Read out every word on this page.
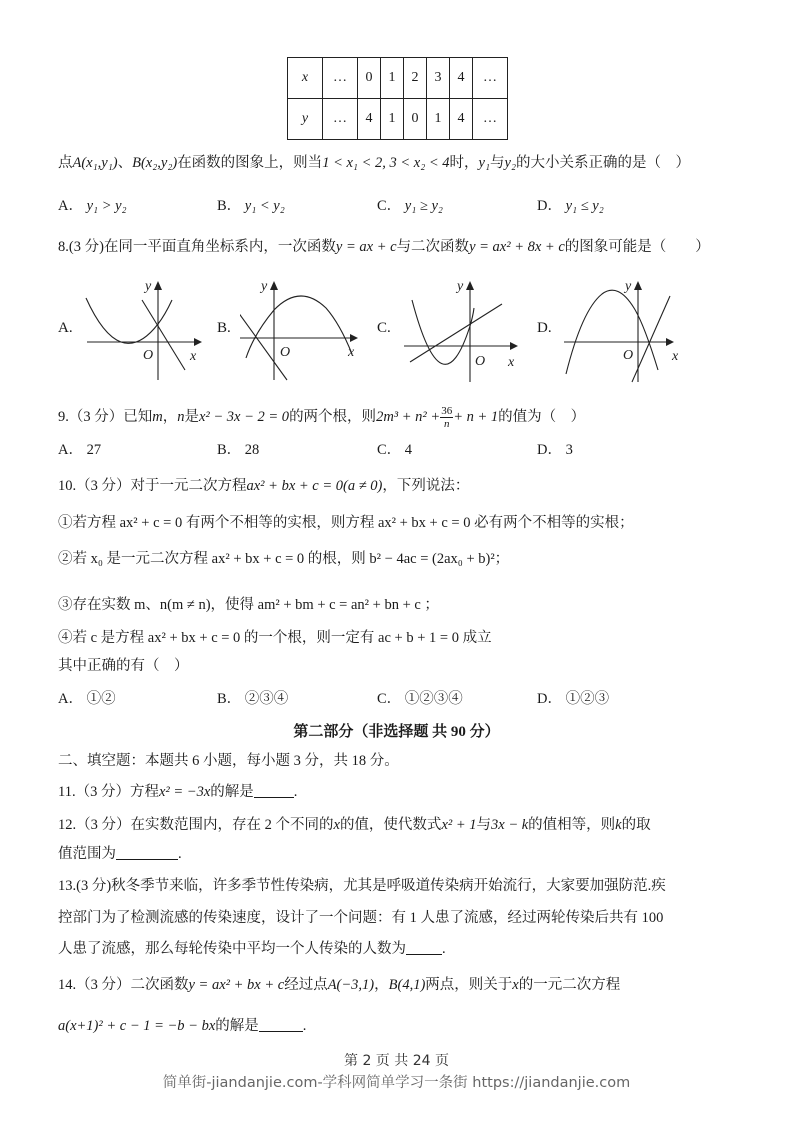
x	…	0	1	2	3	4	…
y	…	4	1	0	1	4	…
点A(x₁,y₁)、B(x₂,y₂)在函数的图象上，则当1 < x₁ < 2, 3 < x₂ < 4时，y₁与y₂的大小关系正确的是（　）
A． y₁ > y₂	B． y₁ < y₂	C． y₁ ≥ y₂	D． y₁ ≤ y₂
8.(3 分)在同一平面直角坐标系内，一次函数y = ax + c与二次函数y = ax² + 8x + c的图象可能是（　　）
A.
y
O	x
B.
y
O	x
C.
y
O x
D.
y
O	x
9.（3 分）已知m，n是x² − 3x − 2 = 0的两个根，则$2m^3 + n^2 + \frac{36}{n} + n + 1$的值为（　）
A． 27	B． 28	C． 4	D． 3
10.（3 分）对于一元二次方程ax² + bx + c = 0(a ≠ 0)，下列说法：
①若方程 ax² + c = 0 有两个不相等的实根，则方程 ax² + bx + c = 0 必有两个不相等的实根；
②若 x₀ 是一元二次方程 ax² + bx + c = 0 的根，则 b² − 4ac = (2ax₀ + b)²；
③存在实数 m、n(m ≠ n)，使得 am² + bm + c = an² + bn + c ；
④若 c 是方程 ax² + bx + c = 0 的一个根，则一定有 ac + b + 1 = 0 成立
其中正确的有（　）
A． ①②	B． ②③④	C． ①②③④	D． ①②③
第二部分（非选择题 共 90 分）
二、填空题：本题共 6 小题，每小题 3 分，共 18 分。
11.（3 分）方程x² = −3x的解是	.
12.（3 分）在实数范围内，存在 2 个不同的x的值，使代数式x² + 1与3x − k的值相等，则k的取
值范围为	.
13.(3 分)秋冬季节来临，许多季节性传染病，尤其是呼吸道传染病开始流行，大家要加强防范.疾
控部门为了检测流感的传染速度，设计了一个问题：有 1 人患了流感，经过两轮传染后共有 100
人患了流感，那么每轮传染中平均一个人传染的人数为 .
14.（3 分）二次函数y = ax² + bx + c经过点A(−3,1)，B(4,1)两点，则关于x的一元二次方程
a(x+1)² + c − 1 = −b − bx的解是	.
第 2 页 共 24 页
简单街-jiandanjie.com-学科网简单学习一条街 https://jiandanjie.com
